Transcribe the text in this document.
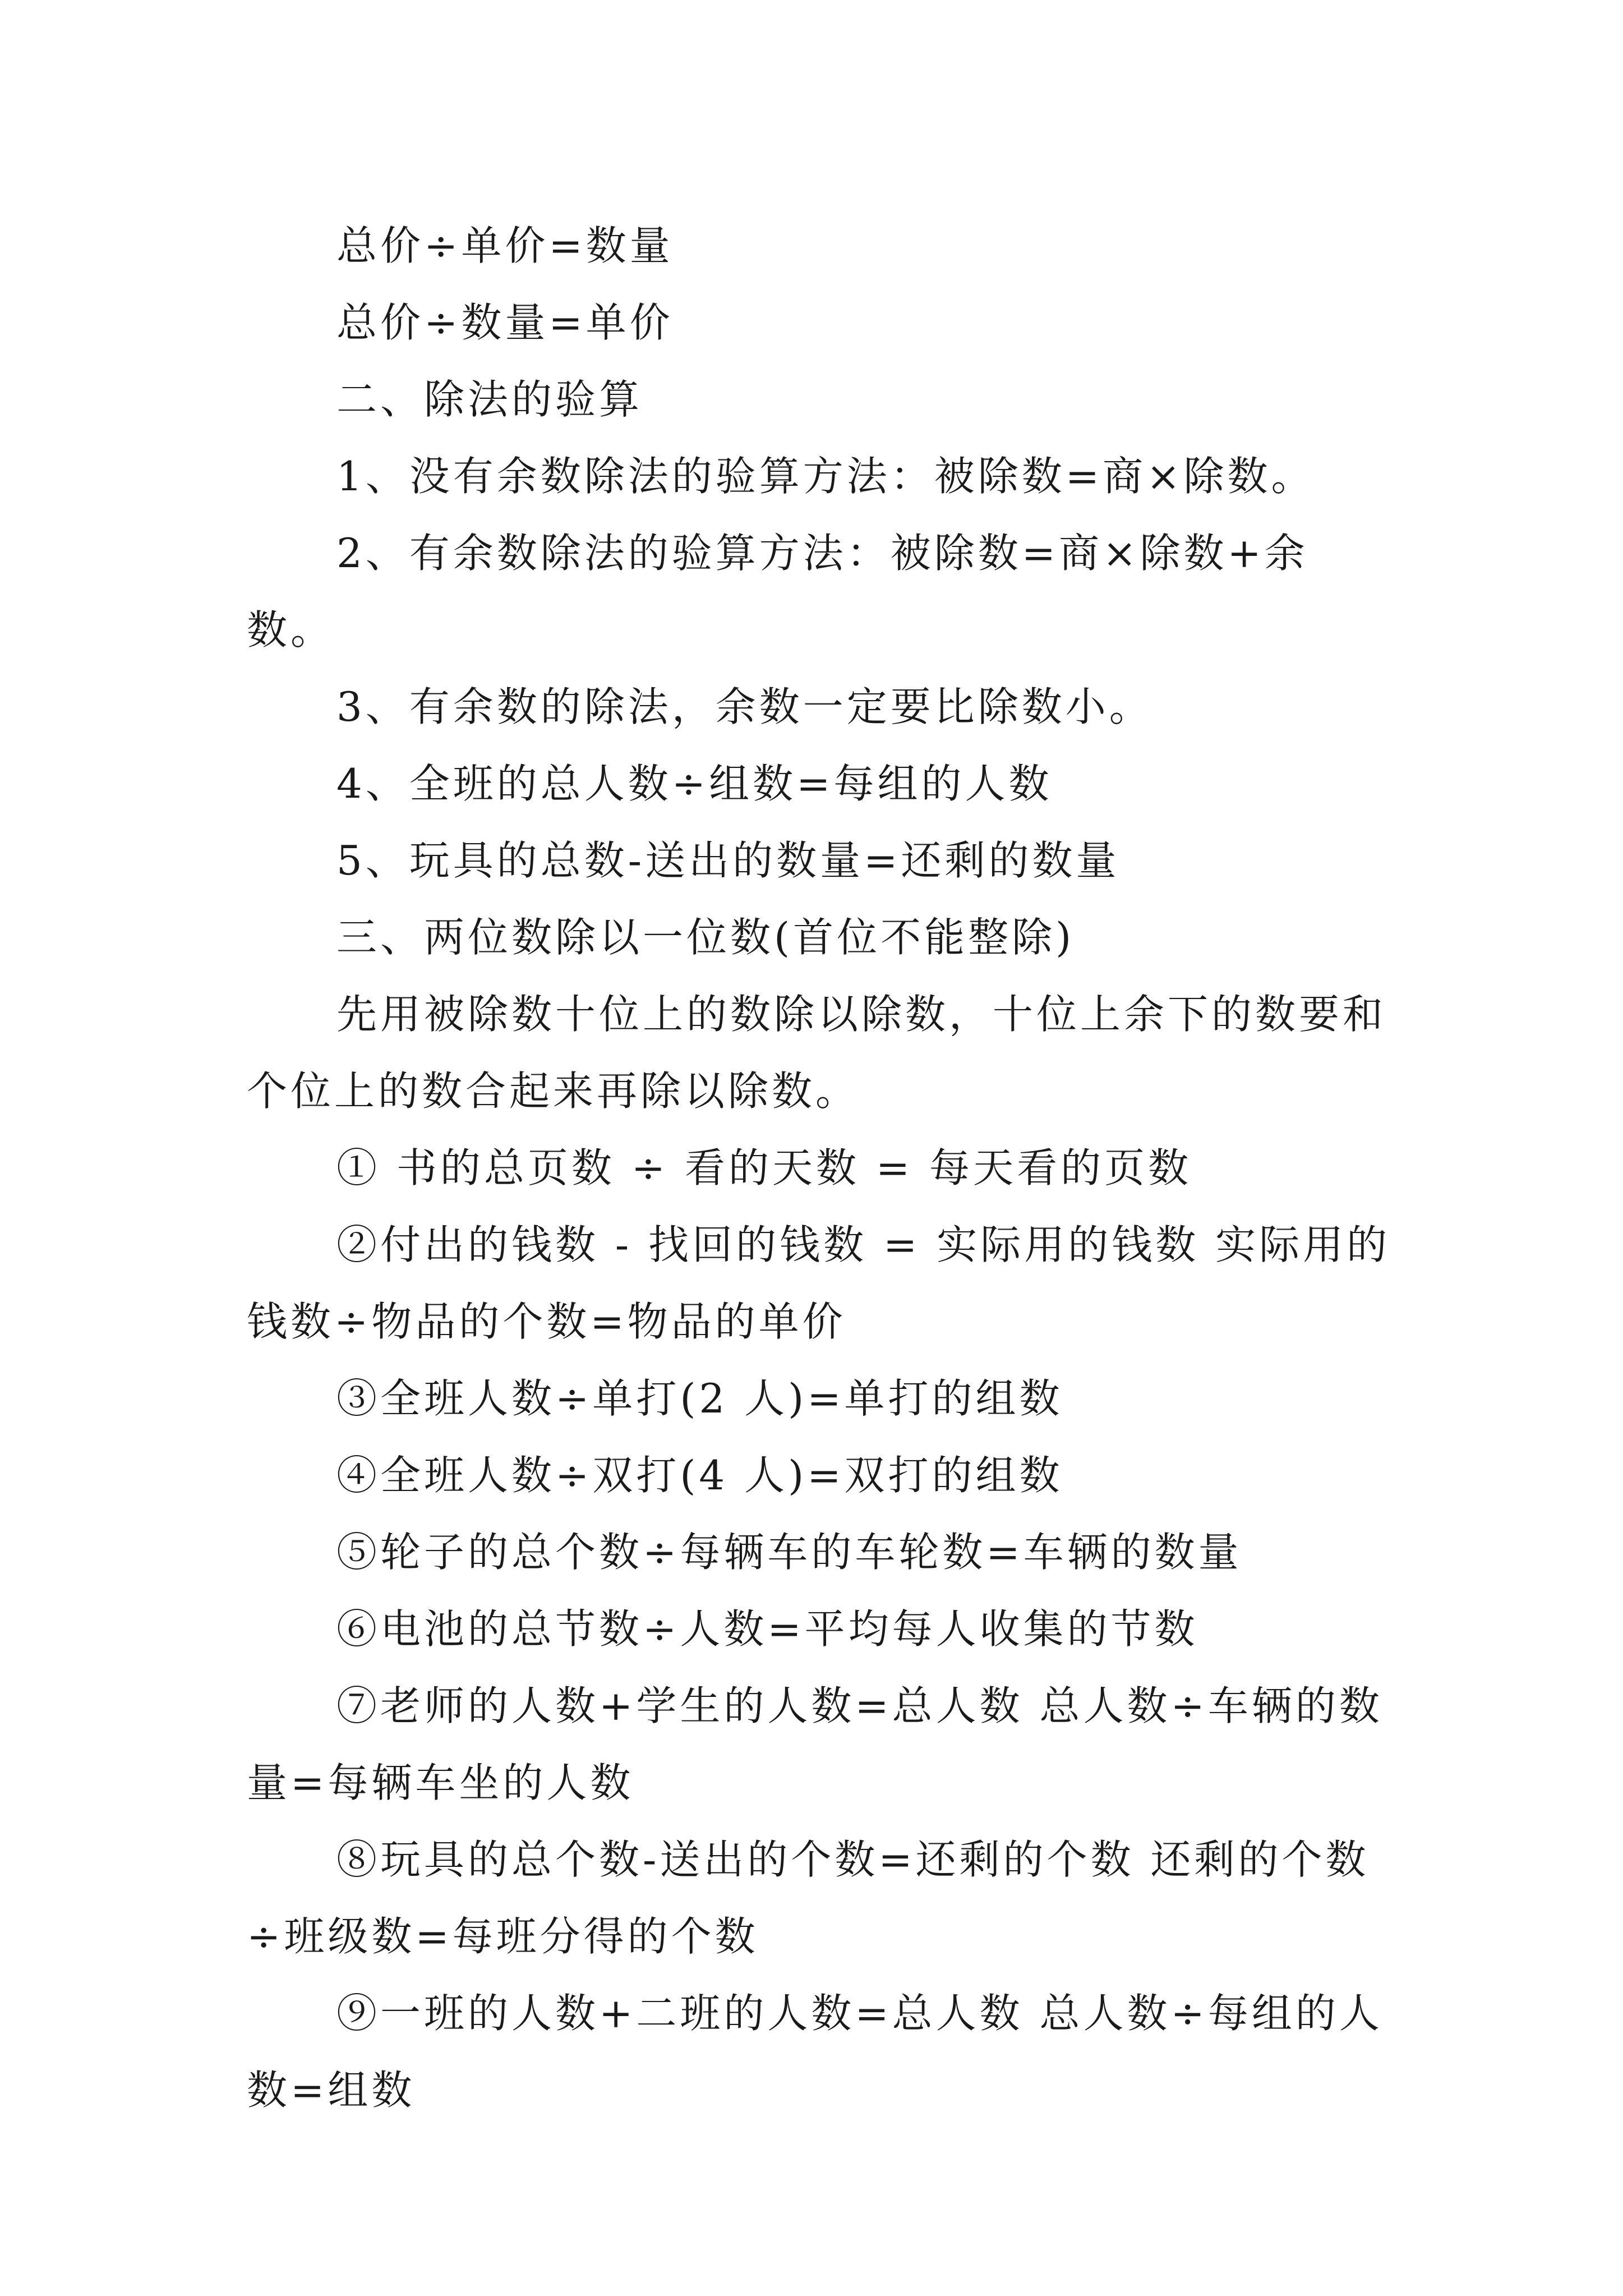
总价÷单价=数量

总价÷数量=单价

二、除法的验算

1、没有余数除法的验算方法：被除数=商×除数。

2、有余数除法的验算方法：被除数=商×除数+余数。

3、有余数的除法，余数一定要比除数小。

4、全班的总人数÷组数=每组的人数

5、玩具的总数-送出的数量=还剩的数量

三、两位数除以一位数(首位不能整除)

先用被除数十位上的数除以除数，十位上余下的数要和个位上的数合起来再除以除数。

① 书的总页数 ÷ 看的天数 = 每天看的页数

②付出的钱数 - 找回的钱数 = 实际用的钱数 实际用的钱数÷物品的个数=物品的单价

③全班人数÷单打(2 人)=单打的组数

④全班人数÷双打(4 人)=双打的组数

⑤轮子的总个数÷每辆车的车轮数=车辆的数量

⑥电池的总节数÷人数=平均每人收集的节数

⑦老师的人数+学生的人数=总人数 总人数÷车辆的数量=每辆车坐的人数

⑧玩具的总个数-送出的个数=还剩的个数 还剩的个数÷班级数=每班分得的个数

⑨一班的人数+二班的人数=总人数 总人数÷每组的人数=组数
